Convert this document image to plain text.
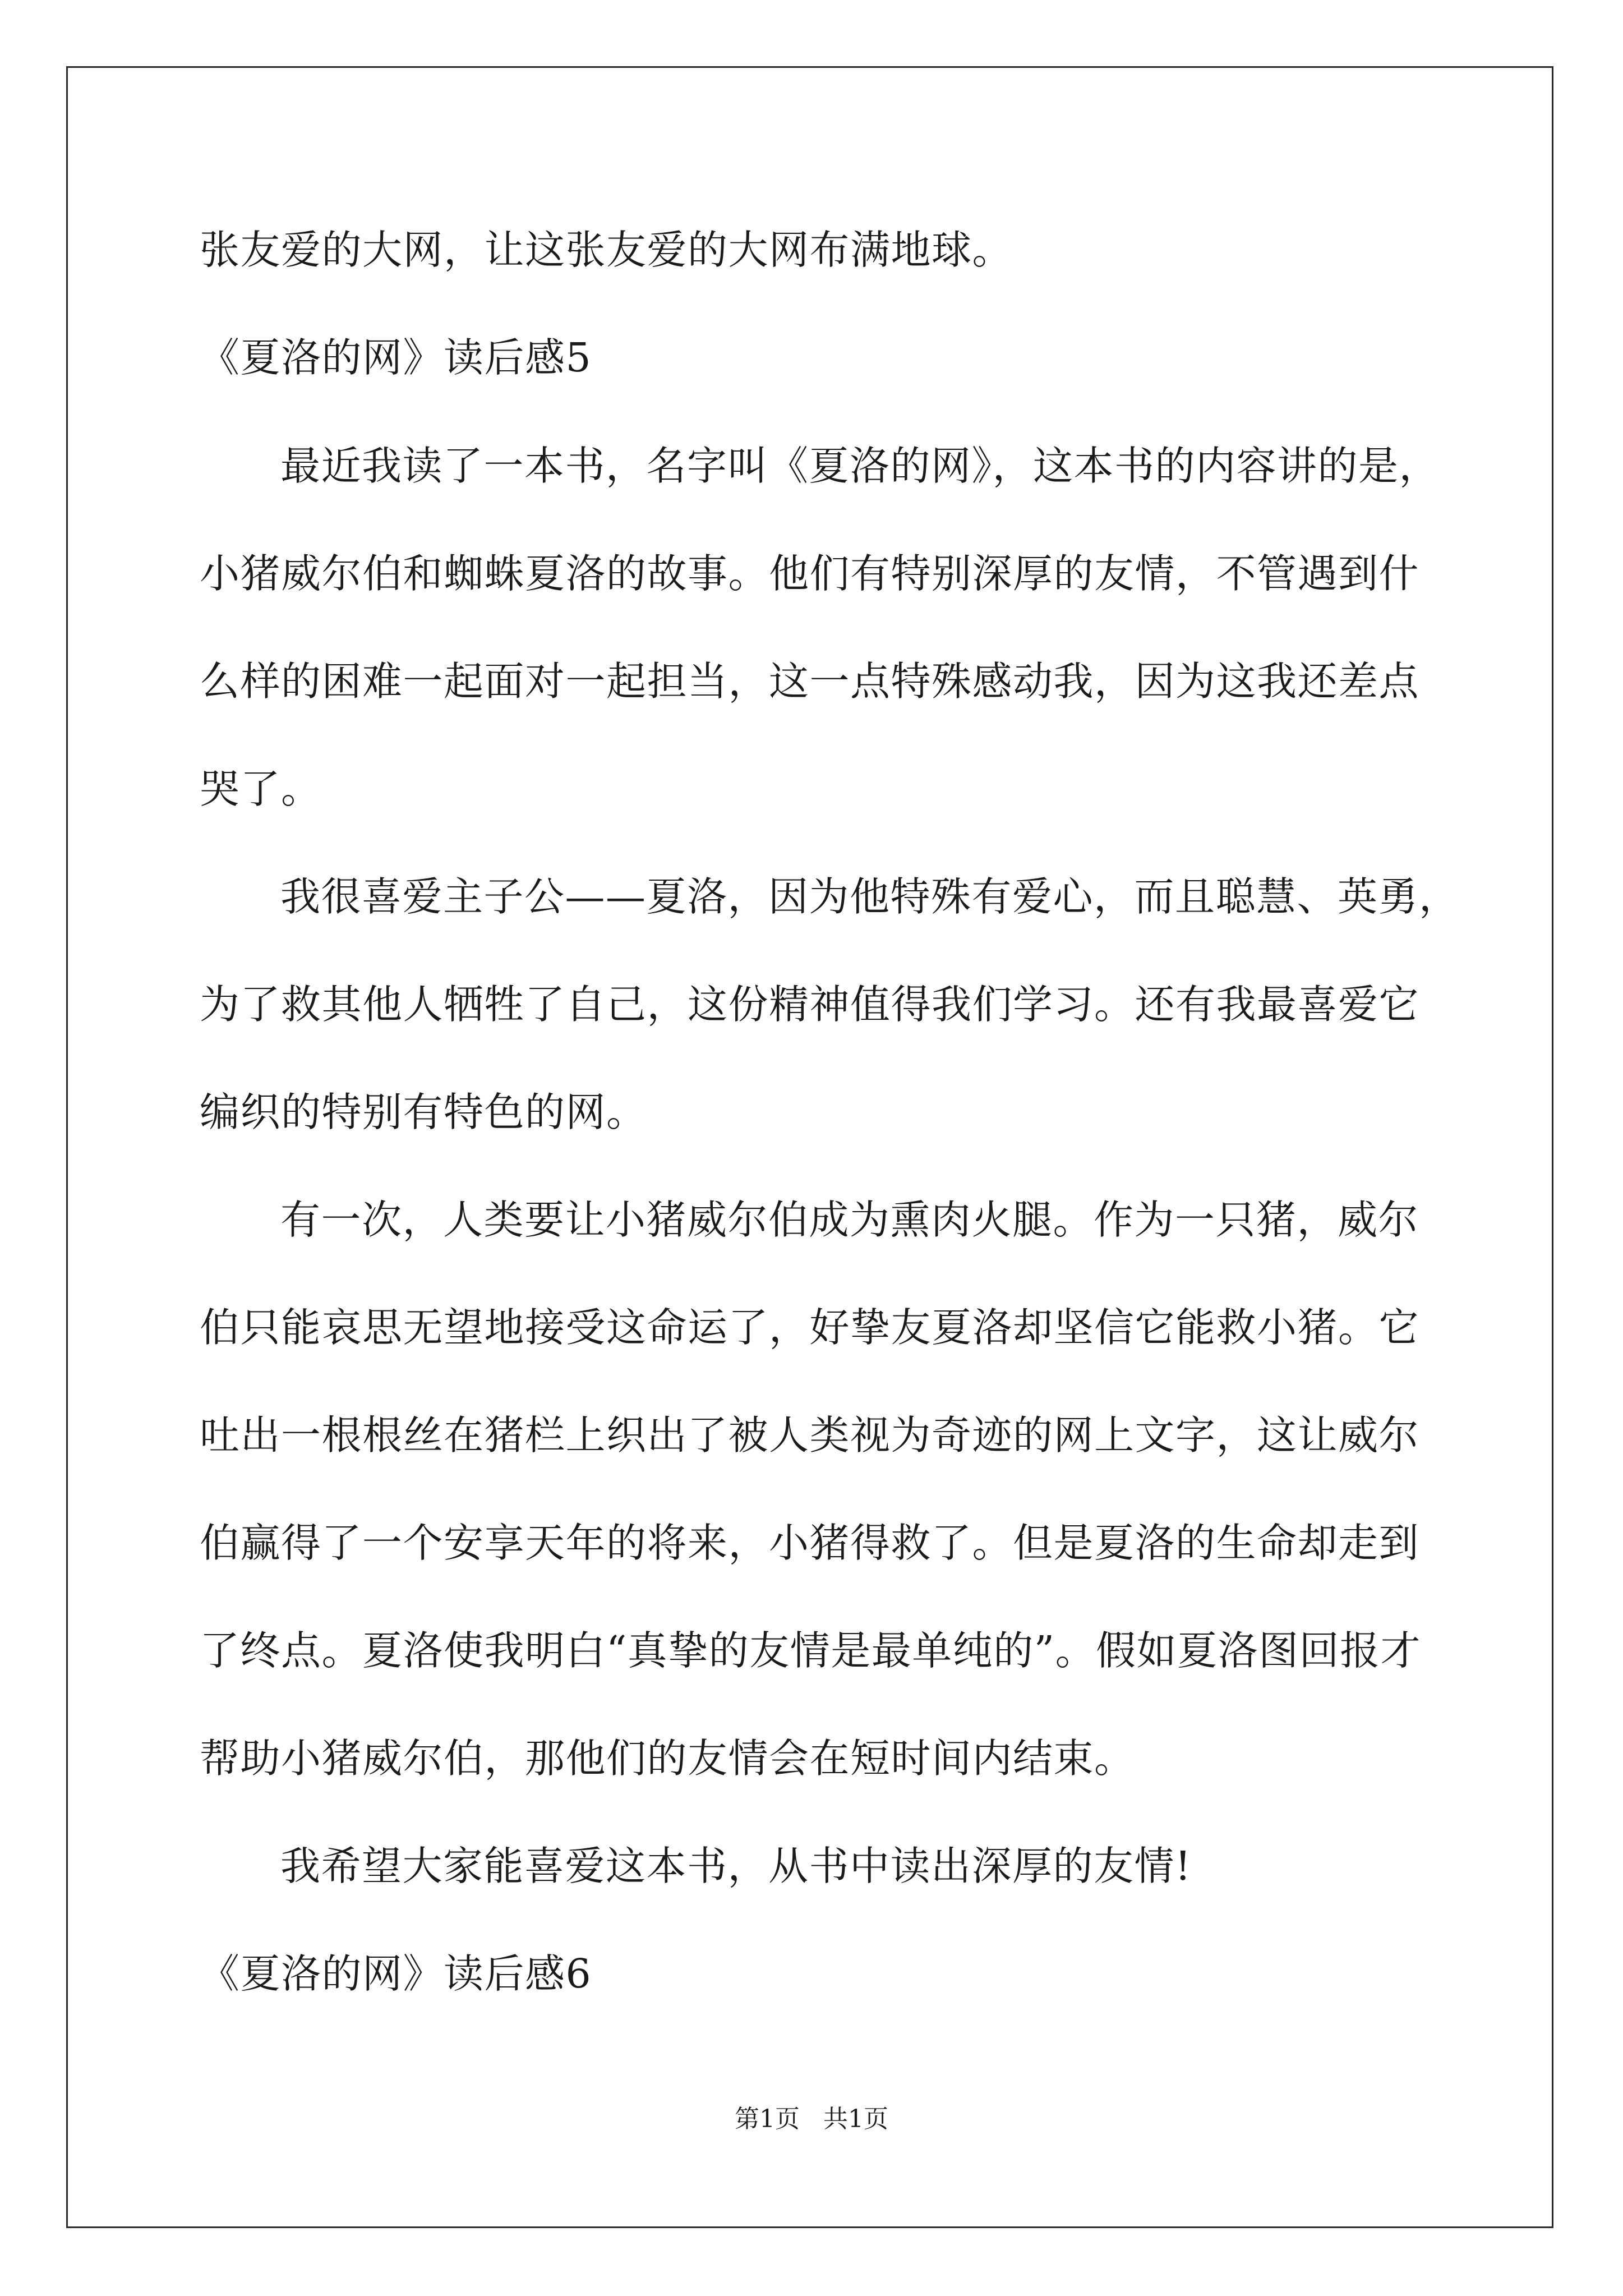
张友爱的大网，让这张友爱的大网布满地球。
《夏洛的网》读后感5
最近我读了一本书，名字叫《夏洛的网》，这本书的内容讲的是，
小猪威尔伯和蜘蛛夏洛的故事。他们有特别深厚的友情，不管遇到什
么样的困难一起面对一起担当，这一点特殊感动我，因为这我还差点
哭了。
我很喜爱主子公——夏洛，因为他特殊有爱心，而且聪慧、英勇，
为了救其他人牺牲了自己，这份精神值得我们学习。还有我最喜爱它
编织的特别有特色的网。
有一次，人类要让小猪威尔伯成为熏肉火腿。作为一只猪，威尔
伯只能哀思无望地接受这命运了，好挚友夏洛却坚信它能救小猪。它
吐出一根根丝在猪栏上织出了被人类视为奇迹的网上文字，这让威尔
伯赢得了一个安享天年的将来，小猪得救了。但是夏洛的生命却走到
了终点。夏洛使我明白“真挚的友情是最单纯的”。假如夏洛图回报才
帮助小猪威尔伯，那他们的友情会在短时间内结束。
我希望大家能喜爱这本书，从书中读出深厚的友情!
《夏洛的网》读后感6
第1页   共1页
